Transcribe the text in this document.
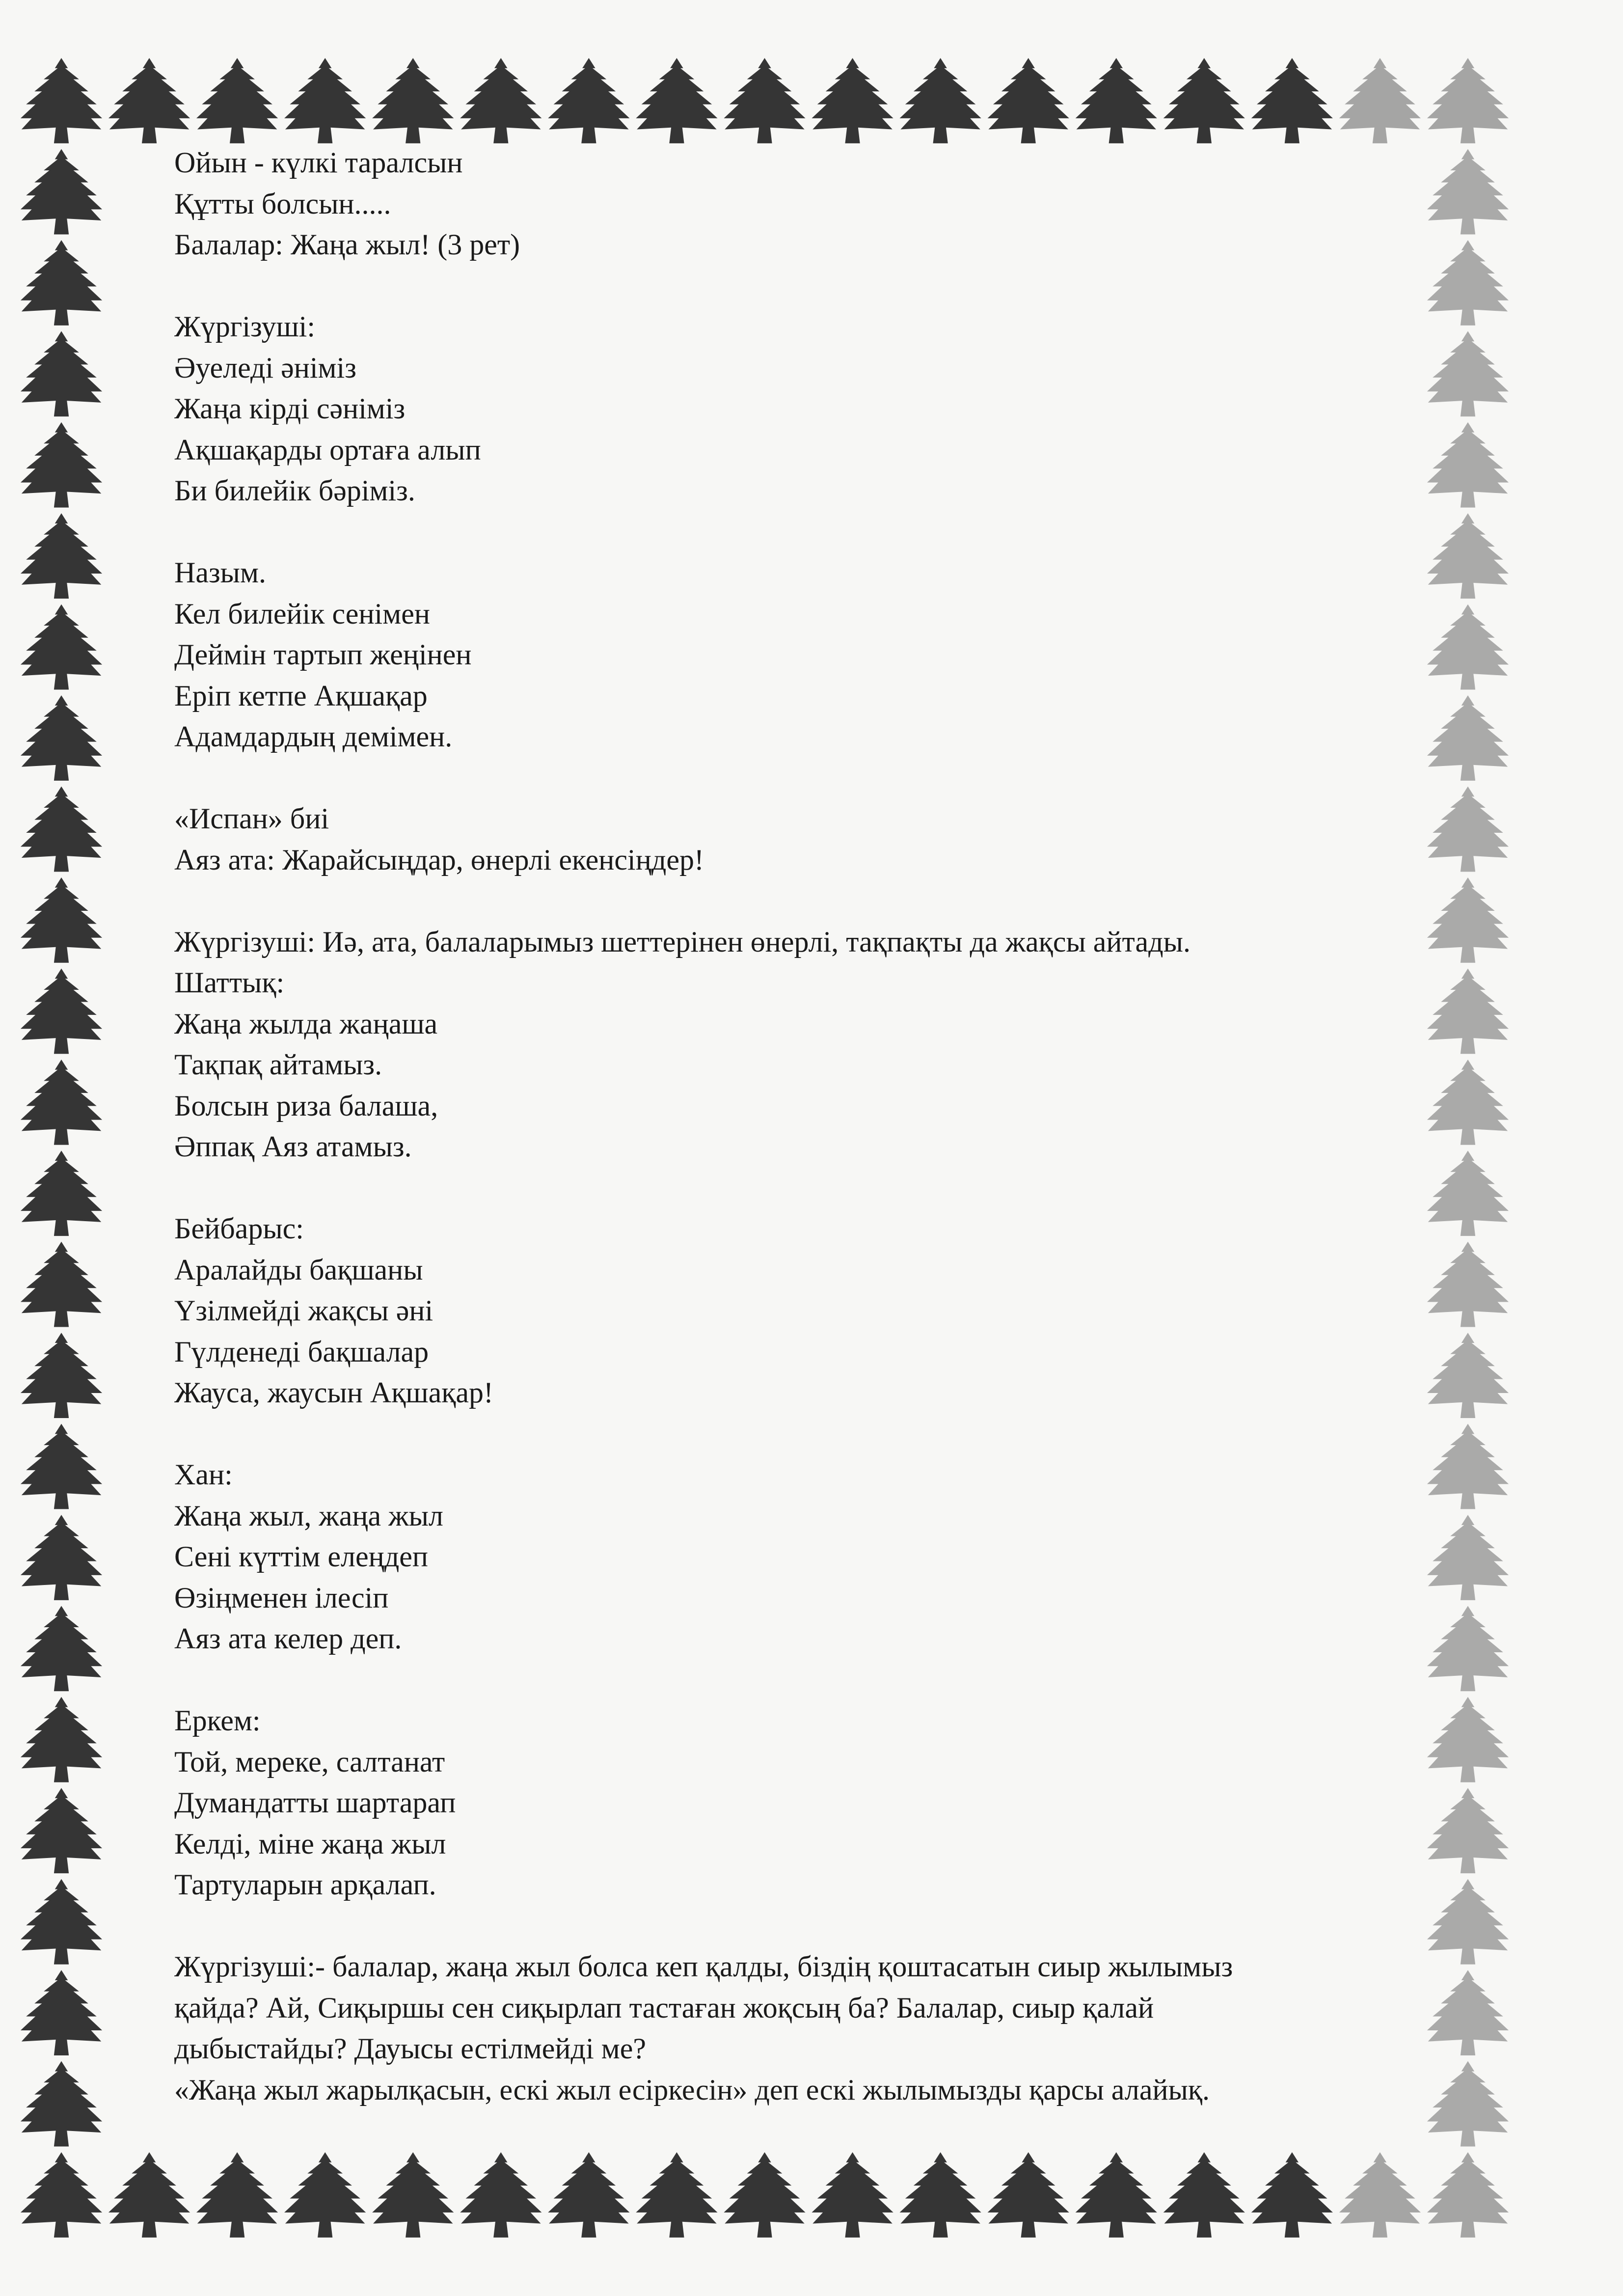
Ойын - күлкі таралсын
Құтты болсын.....
Балалар: Жаңа жыл! (3 рет)
Жүргізуші:
Әуеледі әніміз
Жаңа кірді сәніміз
Ақшақарды ортаға алып
Би билейік бәріміз.
Назым.
Кел билейік сенімен
Деймін тартып жеңінен
Еріп кетпе Ақшақар
Адамдардың демімен.
«Испан» биі
Аяз ата: Жарайсыңдар, өнерлі екенсіңдер!
Жүргізуші: Иә, ата, балаларымыз шеттерінен өнерлі, тақпақты да жақсы айтады.
Шаттық:
Жаңа жылда жаңаша
Тақпақ айтамыз.
Болсын риза балаша,
Әппақ Аяз атамыз.
Бейбарыс:
Аралайды бақшаны
Үзілмейді жақсы әні
Гүлденеді бақшалар
Жауса, жаусын Ақшақар!
Хан:
Жаңа жыл, жаңа жыл
Сені күттім елеңдеп
Өзіңменен ілесіп
Аяз ата келер деп.
Еркем:
Той, мереке, салтанат
Думандатты шартарап
Келді, міне жаңа жыл
Тартуларын арқалап.
Жүргізуші:- балалар, жаңа жыл болса кеп қалды, біздің қоштасатын сиыр жылымыз
қайда? Ай, Сиқыршы сен сиқырлап тастаған жоқсың ба? Балалар, сиыр қалай
дыбыстайды? Дауысы естілмейді ме?
«Жаңа жыл жарылқасын, ескі жыл есіркесін» деп ескі жылымызды қарсы алайық.
